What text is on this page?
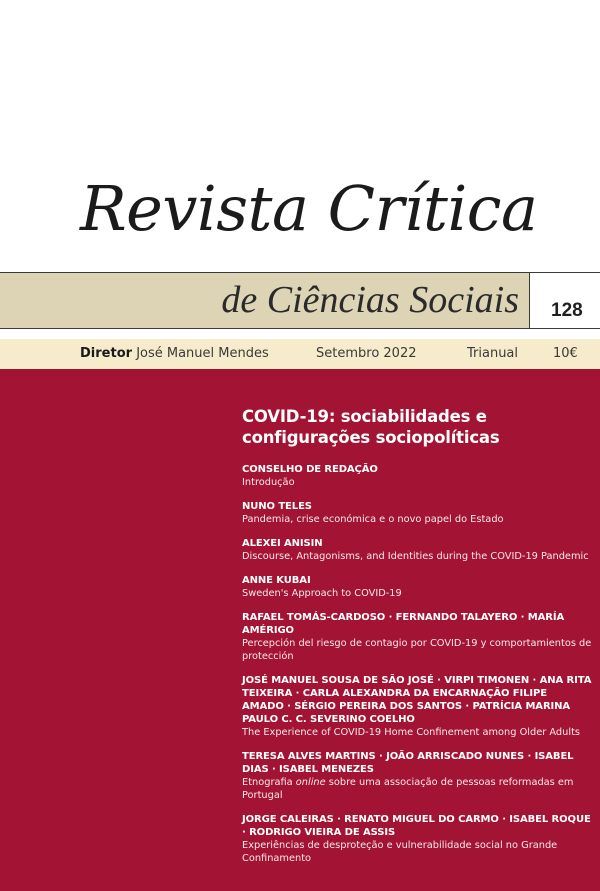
Revista Crítica
de Ciências Sociais 128
Diretor José Manuel Mendes	Setembro 2022	Trianual	10€
COVID-19: sociabilidades e configurações sociopolíticas
CONSELHO DE REDAÇÃO
Introdução
NUNO TELES
Pandemia, crise económica e o novo papel do Estado
ALEXEI ANISIN
Discourse, Antagonisms, and Identities during the COVID-19 Pandemic
ANNE KUBAI
Sweden's Approach to COVID-19
RAFAEL TOMÁS-CARDOSO · FERNANDO TALAYERO · MARÍA AMÉRIGO
Percepción del riesgo de contagio por COVID-19 y comportamientos de protección
JOSÉ MANUEL SOUSA DE SÃO JOSÉ · VIRPI TIMONEN · ANA RITA TEIXEIRA · CARLA ALEXANDRA DA ENCARNAÇÃO FILIPE AMADO · SÉRGIO PEREIRA DOS SANTOS · PATRÍCIA MARINA PAULO C. C. SEVERINO COELHO
The Experience of COVID-19 Home Confinement among Older Adults
TERESA ALVES MARTINS · JOÃO ARRISCADO NUNES · ISABEL DIAS · ISABEL MENEZES
Etnografia online sobre uma associação de pessoas reformadas em Portugal
JORGE CALEIRAS · RENATO MIGUEL DO CARMO · ISABEL ROQUE · RODRIGO VIEIRA DE ASSIS
Experiências de desproteção e vulnerabilidade social no Grande Confinamento
